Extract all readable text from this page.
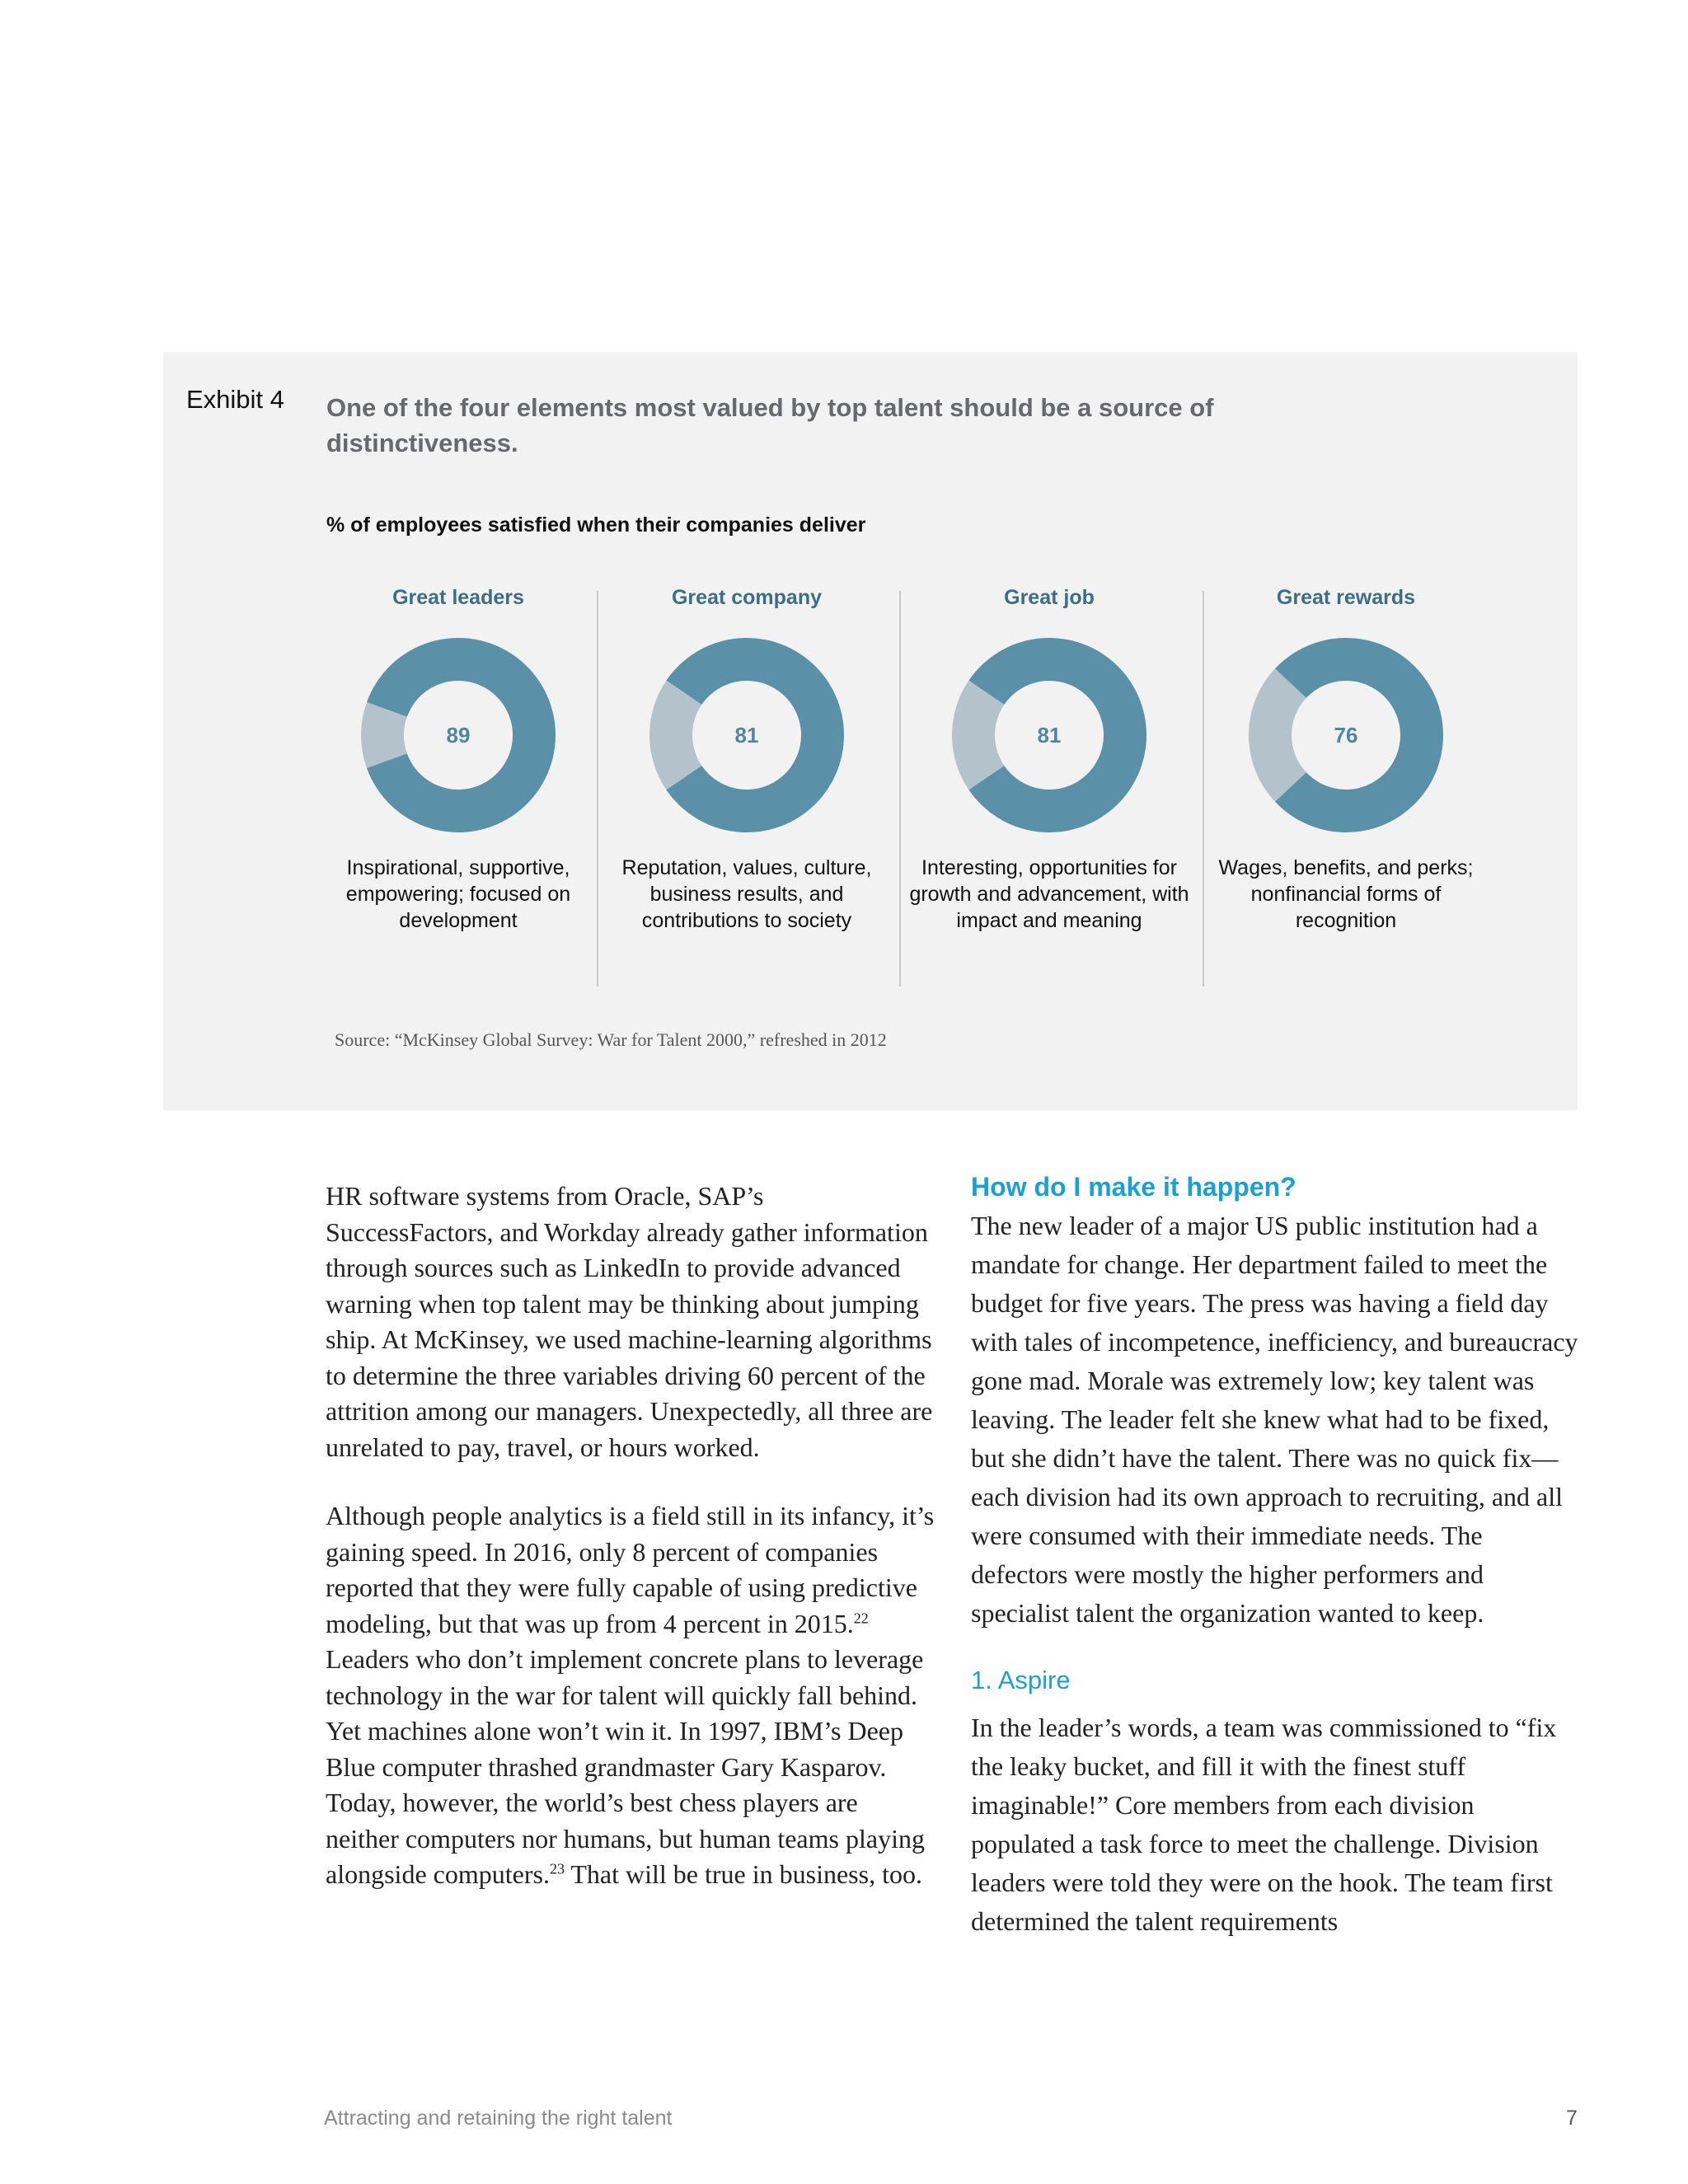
Exhibit 4 One of the four elements most valued by top talent should be a source of distinctiveness.
% of employees satisfied when their companies deliver
Great leaders
89
Inspirational, supportive, empowering; focused on development
Great company
81
Reputation, values, culture, business results, and contributions to society
Great job
81
Interesting, opportunities for growth and advancement, with impact and meaning
Great rewards
76
Wages, benefits, and perks; nonfinancial forms of recognition
Source: “McKinsey Global Survey: War for Talent 2000,” refreshed in 2012

HR software systems from Oracle, SAP’s SuccessFactors, and Workday already gather information through sources such as LinkedIn to provide advanced warning when top talent may be thinking about jumping ship. At McKinsey, we used machine-learning algorithms to determine the three variables driving 60 percent of the attrition among our managers. Unexpectedly, all three are unrelated to pay, travel, or hours worked.

Although people analytics is a field still in its infancy, it’s gaining speed. In 2016, only 8 percent of companies reported that they were fully capable of using predictive modeling, but that was up from 4 percent in 2015.22 Leaders who don’t implement concrete plans to leverage technology in the war for talent will quickly fall behind. Yet machines alone won’t win it. In 1997, IBM’s Deep Blue computer thrashed grandmaster Gary Kasparov. Today, however, the world’s best chess players are neither computers nor humans, but human teams playing alongside computers.$^{23}$ That will be true in business, too.

How do I make it happen?

The new leader of a major US public institution had a mandate for change. Her department failed to meet the budget for five years. The press was having a field day with tales of incompetence, inefficiency, and bureaucracy gone mad. Morale was extremely low; key talent was leaving. The leader felt she knew what had to be fixed, but she didn’t have the talent. There was no quick fix—each division had its own approach to recruiting, and all were consumed with their immediate needs. The defectors were mostly the higher performers and specialist talent the organization wanted to keep.

1. Aspire

In the leader’s words, a team was commissioned to “fix the leaky bucket, and fill it with the finest stuff imaginable!” Core members from each division populated a task force to meet the challenge. Division leaders were told they were on the hook. The team first determined the talent requirements

Attracting and retaining the right talent	7
